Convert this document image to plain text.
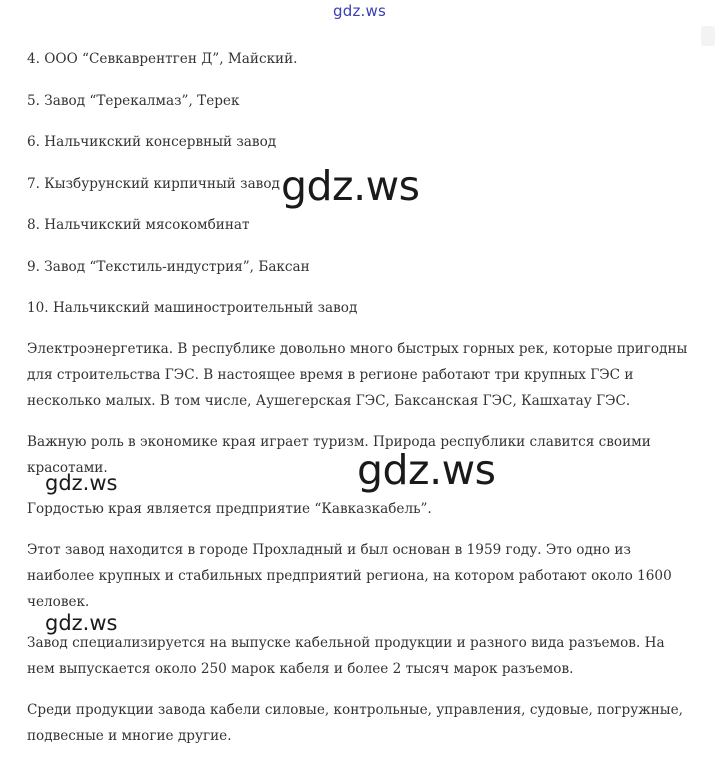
gdz.ws

4. ООО “Севкаврентген Д”, Майский.

5. Завод “Терекалмаз”, Терек

6. Нальчикский консервный завод

7. Кызбурунский кирпичный завод

8. Нальчикский мясокомбинат

9. Завод “Текстиль-индустрия”, Баксан

10. Нальчикский машиностроительный завод

Электроэнергетика. В республике довольно много быстрых горных рек, которые пригодны для строительства ГЭС. В настоящее время в регионе работают три крупных ГЭС и несколько малых. В том числе, Аушегерская ГЭС, Баксанская ГЭС, Кашхатау ГЭС.

Важную роль в экономике края играет туризм. Природа республики славится своими красотами.

Гордостью края является предприятие “Кавказкабель”.

Этот завод находится в городе Прохладный и был основан в 1959 году. Это одно из наиболее крупных и стабильных предприятий региона, на котором работают около 1600 человек.

Завод специализируется на выпуске кабельной продукции и разного вида разъемов. На нем выпускается около 250 марок кабеля и более 2 тысяч марок разъемов.

Среди продукции завода кабели силовые, контрольные, управления, судовые, погружные, подвесные и многие другие.

gdz.ws
gdz.ws
gdz.ws
gdz.ws
